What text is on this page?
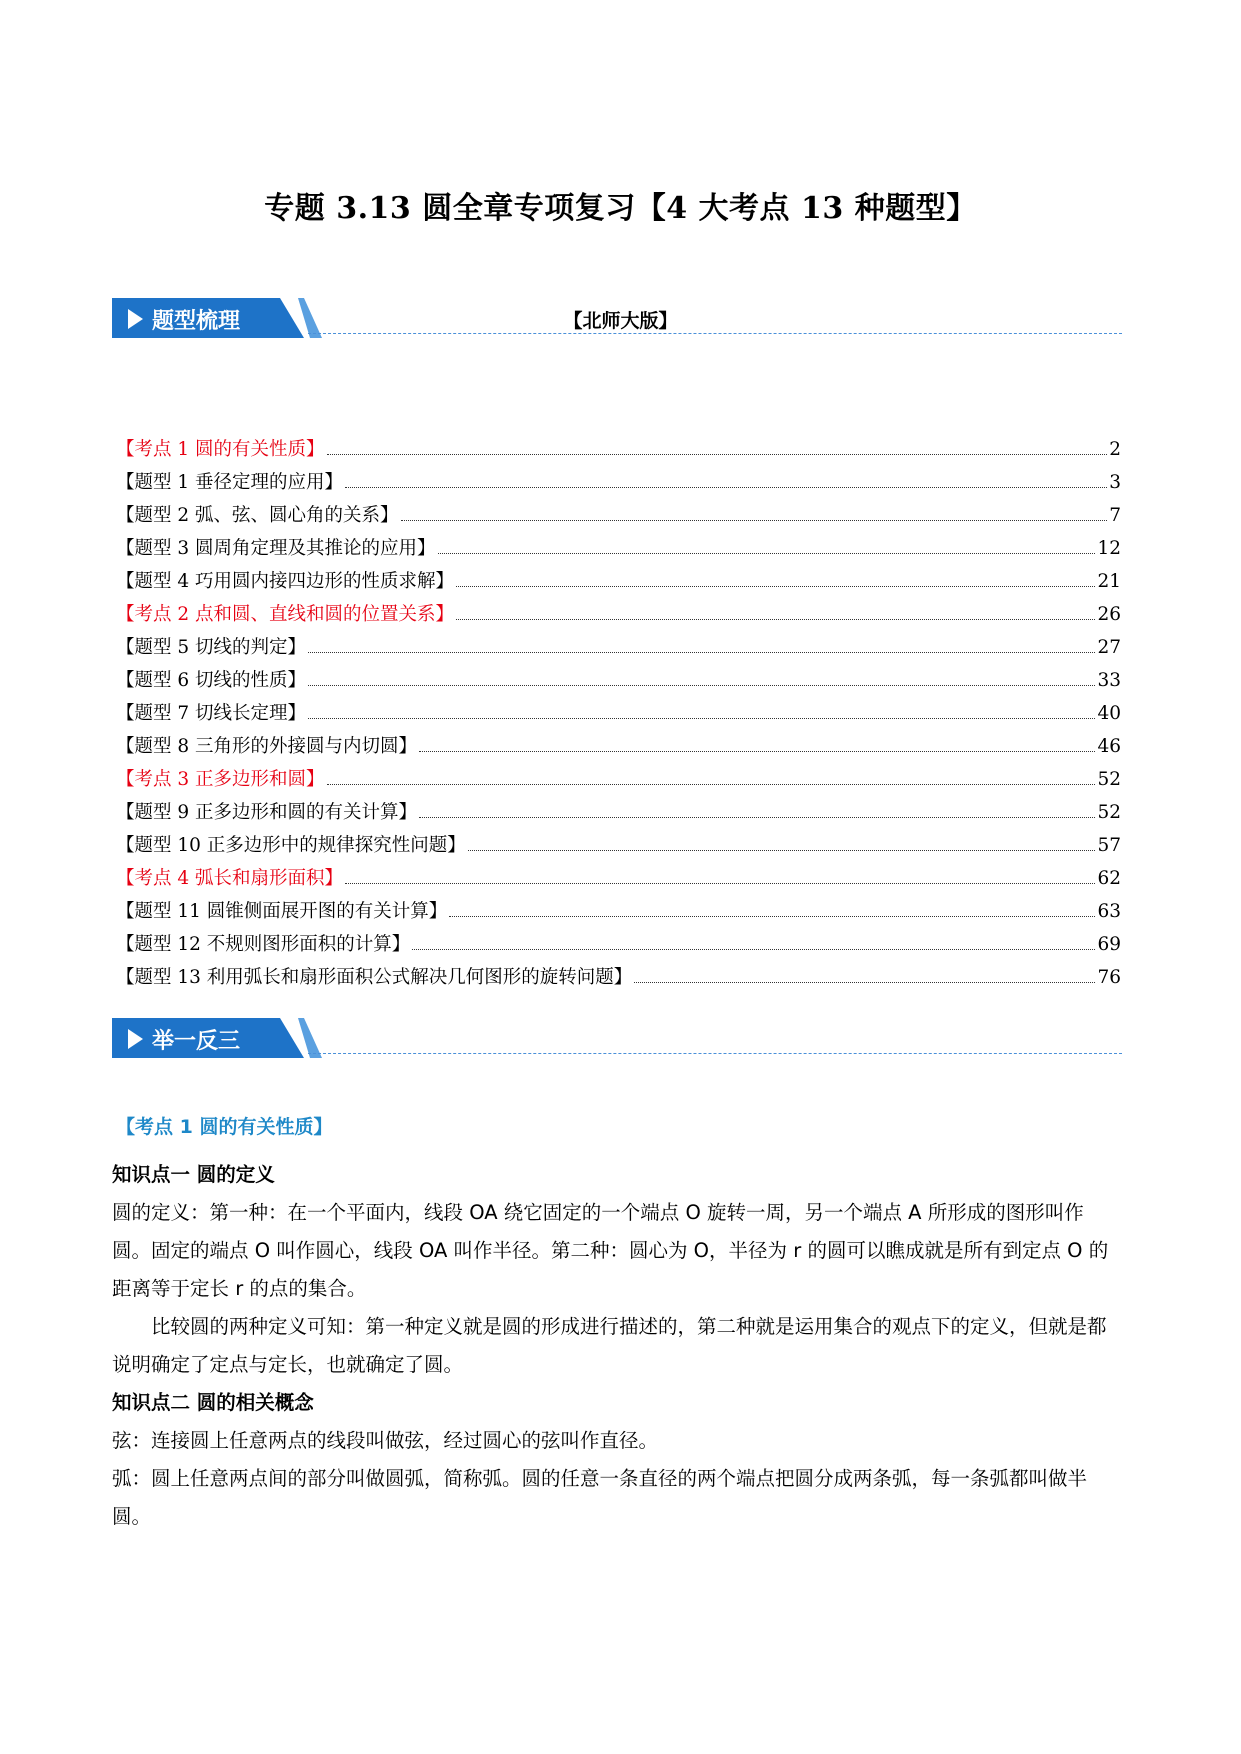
专题 3.13 圆全章专项复习【4 大考点 13 种题型】
【北师大版】
题型梳理
【考点 1 圆的有关性质】	2
【题型 1 垂径定理的应用】	3
【题型 2 弧、弦、圆心角的关系】	7
【题型 3 圆周角定理及其推论的应用】	12
【题型 4 巧用圆内接四边形的性质求解】	21
【考点 2 点和圆、直线和圆的位置关系】	26
【题型 5 切线的判定】	27
【题型 6 切线的性质】	33
【题型 7 切线长定理】	40
【题型 8 三角形的外接圆与内切圆】	46
【考点 3 正多边形和圆】	52
【题型 9 正多边形和圆的有关计算】	52
【题型 10 正多边形中的规律探究性问题】	57
【考点 4 弧长和扇形面积】	62
【题型 11 圆锥侧面展开图的有关计算】	63
【题型 12 不规则图形面积的计算】	69
【题型 13 利用弧长和扇形面积公式解决几何图形的旋转问题】	76
举一反三
【考点 1 圆的有关性质】

知识点一 圆的定义

圆的定义：第一种：在一个平面内，线段 OA 绕它固定的一个端点 O 旋转一周，另一个端点 A 所形成的图形叫作圆。固定的端点 O 叫作圆心，线段 OA 叫作半径。第二种：圆心为 O，半径为 r 的圆可以瞧成就是所有到定点 O 的距离等于定长 r 的点的集合。

比较圆的两种定义可知：第一种定义就是圆的形成进行描述的，第二种就是运用集合的观点下的定义，但就是都说明确定了定点与定长，也就确定了圆。

知识点二 圆的相关概念

弦：连接圆上任意两点的线段叫做弦，经过圆心的弦叫作直径。

弧：圆上任意两点间的部分叫做圆弧，简称弧。圆的任意一条直径的两个端点把圆分成两条弧，每一条弧都叫做半圆。
